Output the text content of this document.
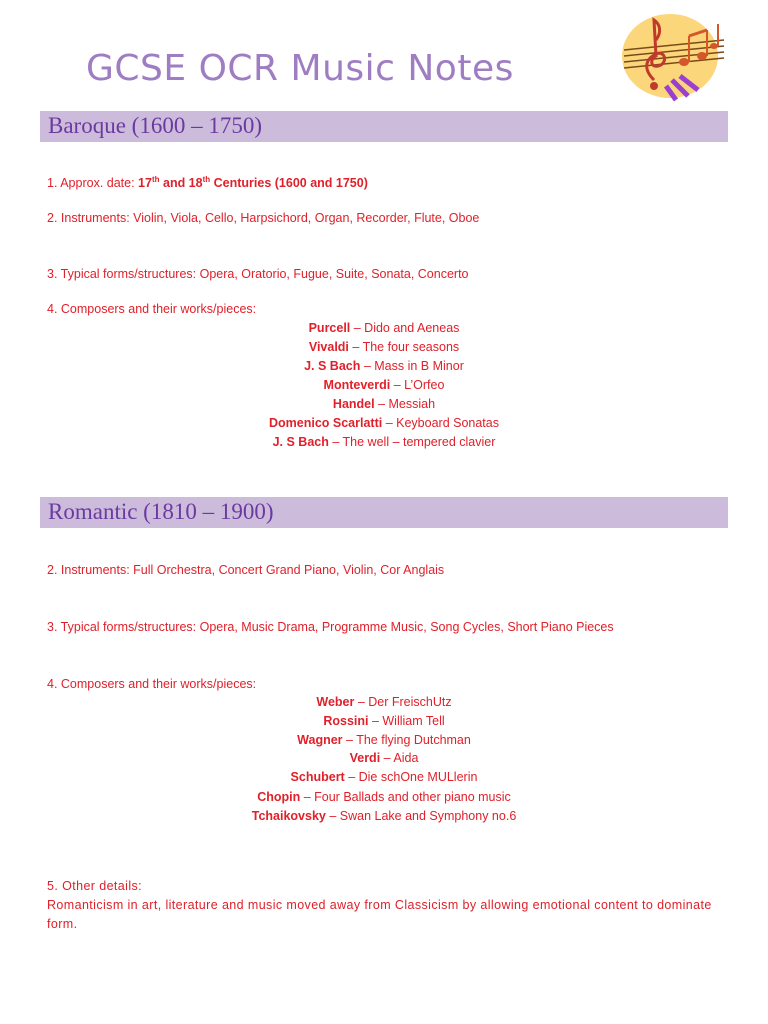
GCSE OCR Music Notes
Baroque (1600 – 1750)
1. Approx. date: 17th and 18th Centuries (1600 and 1750)
2. Instruments: Violin, Viola, Cello, Harpsichord, Organ, Recorder, Flute, Oboe
3. Typical forms/structures: Opera, Oratorio, Fugue, Suite, Sonata, Concerto
4. Composers and their works/pieces:
Purcell – Dido and Aeneas
Vivaldi – The four seasons
J. S Bach – Mass in B Minor
Monteverdi – L’Orfeo
Handel – Messiah
Domenico Scarlatti – Keyboard Sonatas
J. S Bach – The well – tempered clavier
Romantic (1810 – 1900)
2. Instruments: Full Orchestra, Concert Grand Piano, Violin, Cor Anglais
3. Typical forms/structures: Opera, Music Drama, Programme Music, Song Cycles, Short Piano Pieces
4. Composers and their works/pieces:
Weber – Der FreischUtz
Rossini – William Tell
Wagner – The flying Dutchman
Verdi – Aida
Schubert – Die schOne MULlerin
Chopin – Four Ballads and other piano music
Tchaikovsky – Swan Lake and Symphony no.6
5. Other details:
Romanticism in art, literature and music moved away from Classicism by allowing emotional content to dominate form.
